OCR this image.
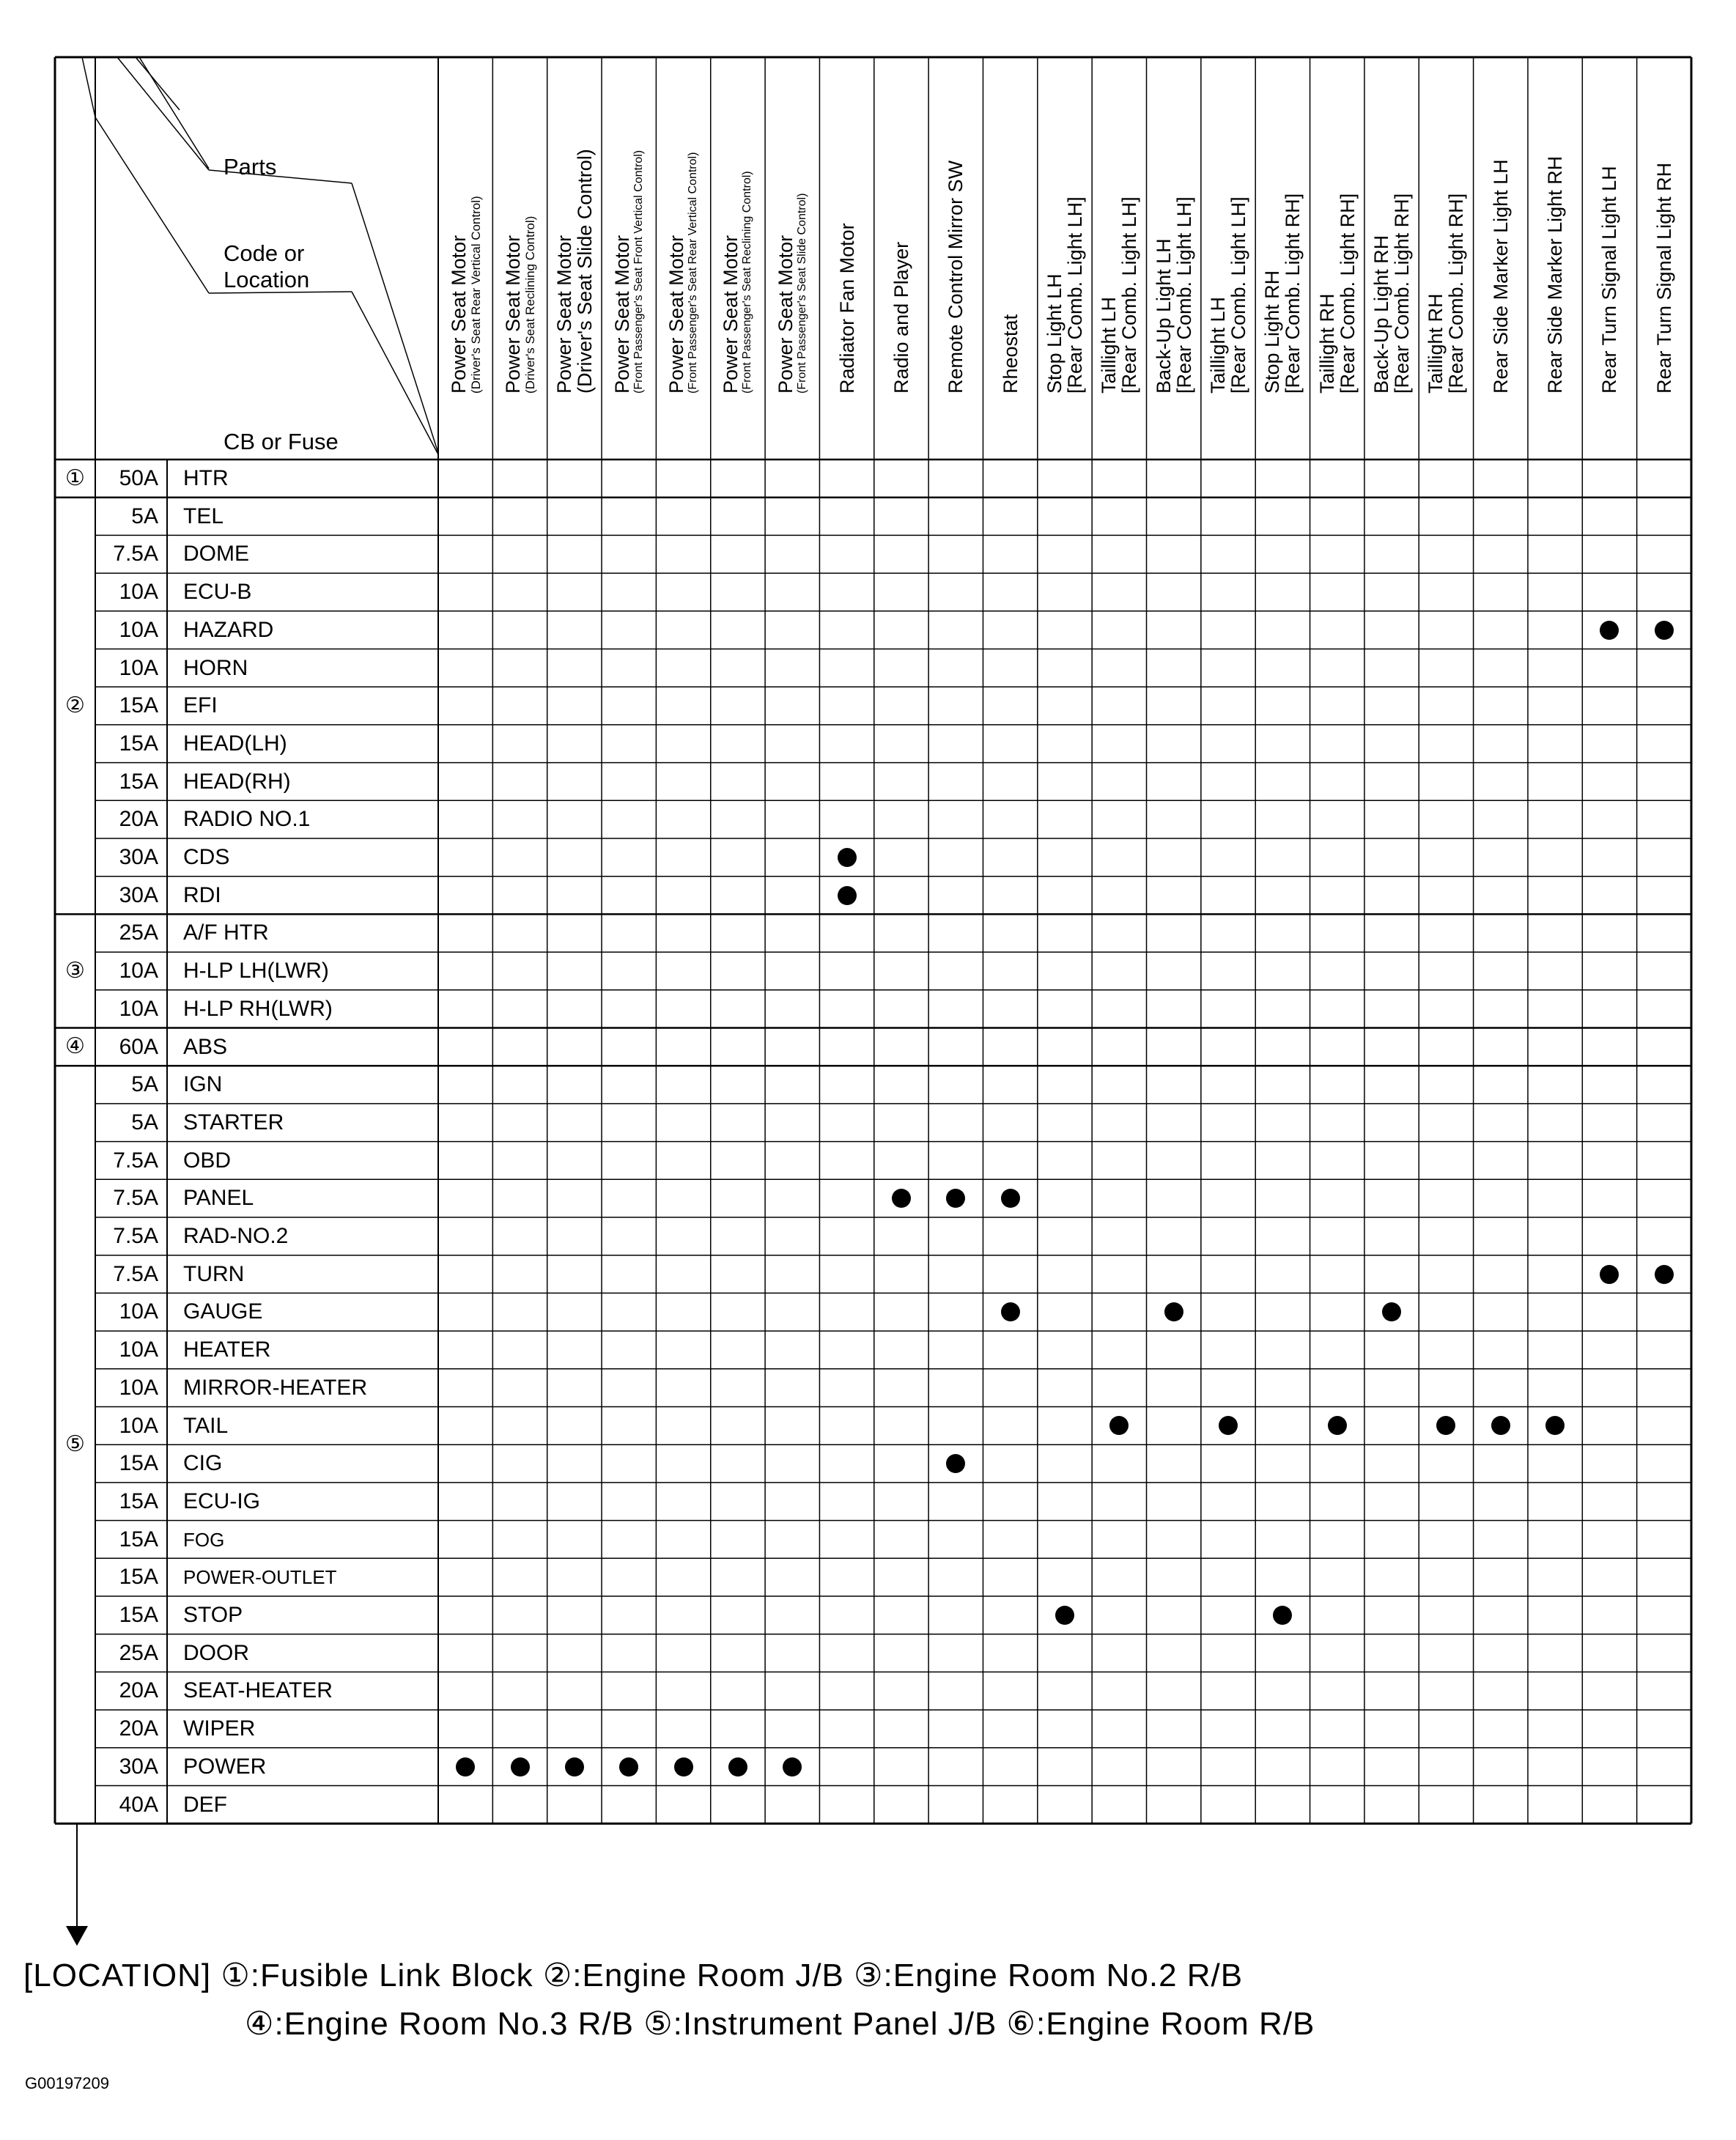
Parts
Code or
Location
CB or Fuse
Power Seat Motor (Driver's Seat Rear Vertical Control) Power Seat Motor (Driver's Seat Reclining Control) Power Seat Motor
(Driver's Seat Slide Control) Power Seat Motor (Front Passenger's Seat Front Vertical Control) Power Seat Motor (Front Passenger's Seat Rear Vertical Control) Power Seat Motor (Front Passenger's Seat Reclining Control) Power Seat Motor (Front Passenger's Seat Slide Control) Radiator Fan Motor Radio and Player Remote Control Mirror SW Rheostat Stop Light LH
[Rear Comb. Light LH] Taillight LH
[Rear Comb. Light LH] Back-Up Light LH
[Rear Comb. Light LH] Taillight LH
[Rear Comb. Light LH] Stop Light RH
[Rear Comb. Light RH] Taillight RH
[Rear Comb. Light RH] Back-Up Light RH
[Rear Comb. Light RH] Taillight RH
[Rear Comb. Light RH] Rear Side Marker Light LH Rear Side Marker Light RH Rear Turn Signal Light LH Rear Turn Signal Light RH
①	50A HTR
②
5A TEL
7.5A DOME
10A ECU-B
10A HAZARD
10A HORN
15A EFI
15A HEAD(LH)
15A HEAD(RH)
20A RADIO NO.1
30A CDS
30A RDI
③
25A A/F HTR
10A H-LP LH(LWR)
10A H-LP RH(LWR)
④	60A ABS
⑤
5A IGN
5A STARTER
7.5A OBD
7.5A PANEL
7.5A RAD-NO.2
7.5A TURN
10A GAUGE
10A HEATER
10A MIRROR-HEATER
10A TAIL
15A CIG
15A ECU-IG
15A FOG
15A POWER-OUTLET
15A STOP
25A DOOR
20A SEAT-HEATER
20A WIPER
30A POWER
40A DEF
[LOCATION] ①:Fusible Link Block ②:Engine Room J/B ③:Engine Room No.2 R/B
④:Engine Room No.3 R/B ⑤:Instrument Panel J/B ⑥:Engine Room R/B
G00197209
